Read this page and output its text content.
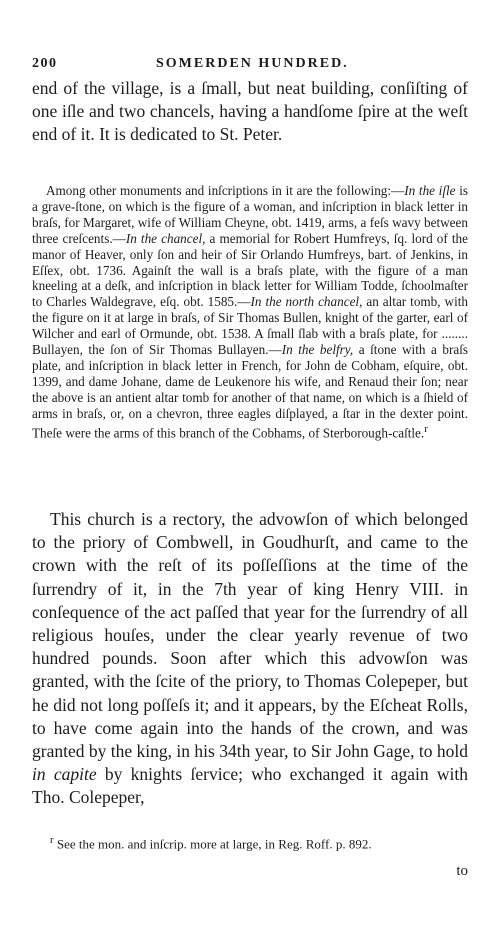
200	SOMERDEN HUNDRED.

end of the village, is a ſmall, but neat building, conſiſting of one iſle and two chancels, having a handſome ſpire at the weſt end of it. It is dedicated to St. Peter.

Among other monuments and inſcriptions in it are the following:—In the iſle is a grave-ſtone, on which is the figure of a woman, and inſcription in black letter in braſs, for Margaret, wife of William Cheyne, obt. 1419, arms, a feſs wavy between three creſcents.—In the chancel, a memorial for Robert Humfreys, ſq. lord of the manor of Heaver, only ſon and heir of Sir Orlando Humfreys, bart. of Jenkins, in Eſſex, obt. 1736. Againſt the wall is a braſs plate, with the figure of a man kneeling at a deſk, and inſcription in black letter for William Todde, ſchoolmaſter to Charles Waldegrave, eſq. obt. 1585.—In the north chancel, an altar tomb, with the figure on it at large in braſs, of Sir Thomas Bullen, knight of the garter, earl of Wilcher and earl of Ormunde, obt. 1538. A ſmall ſlab with a braſs plate, for ........ Bullayen, the ſon of Sir Thomas Bullayen.—In the belfry, a ſtone with a braſs plate, and inſcription in black letter in French, for John de Cobham, eſquire, obt. 1399, and dame Johane, dame de Leukenore his wife, and Renaud their ſon; near the above is an antient altar tomb for another of that name, on which is a ſhield of arms in braſs, or, on a chevron, three eagles diſplayed, a ſtar in the dexter point. Theſe were the arms of this branch of the Cobhams, of Sterborough-caſtle.$^r$

This church is a rectory, the advowſon of which belonged to the priory of Combwell, in Goudhurſt, and came to the crown with the reſt of its poſſeſſions at the time of the ſurrendry of it, in the 7th year of king Henry VIII. in conſequence of the act paſſed that year for the ſurrendry of all religious houſes, under the clear yearly revenue of two hundred pounds. Soon after which this advowſon was granted, with the ſcite of the priory, to Thomas Colepeper, but he did not long poſſeſs it; and it appears, by the Eſcheat Rolls, to have come again into the hands of the crown, and was granted by the king, in his 34th year, to Sir John Gage, to hold in capite by knights ſervice; who exchanged it again with Tho. Colepeper,

$^r$ See the mon. and inſcrip. more at large, in Reg. Roff. p. 892.

to
